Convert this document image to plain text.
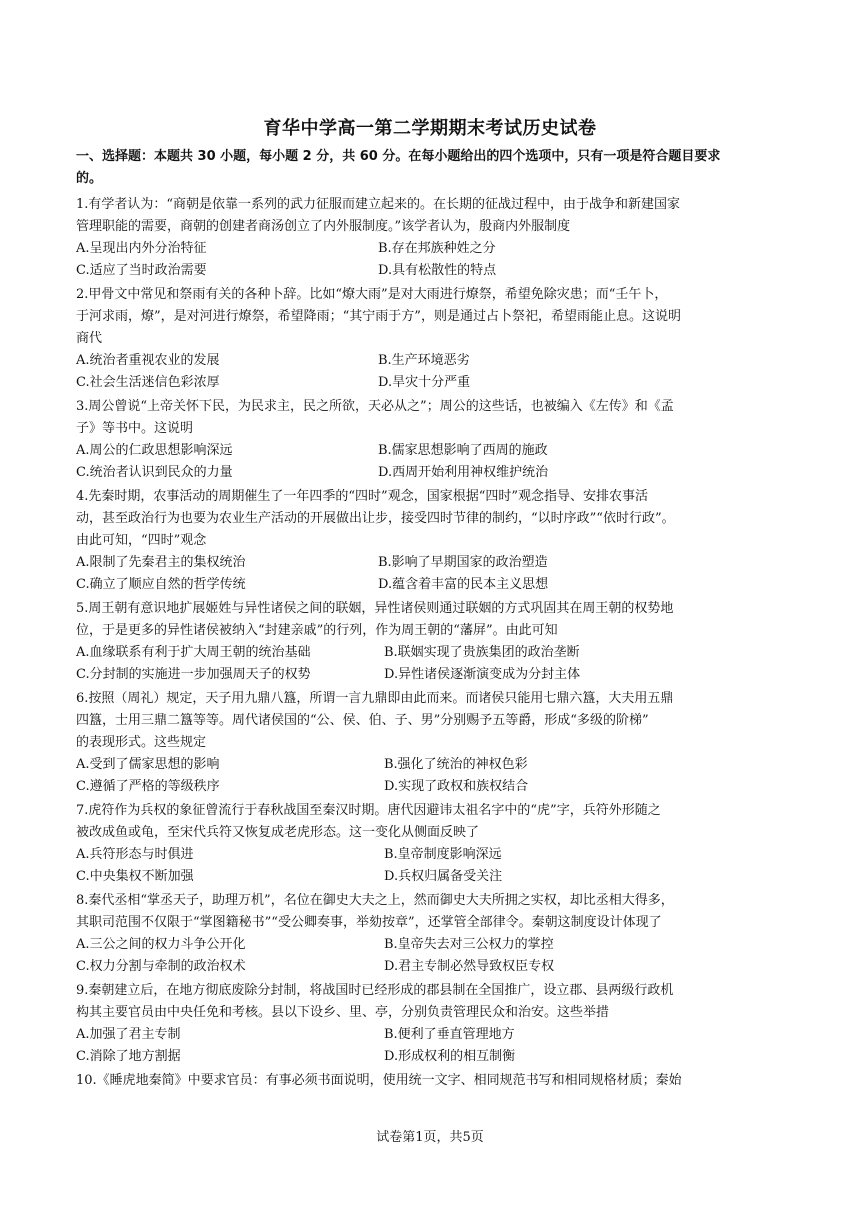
育华中学高一第二学期期末考试历史试卷
一、选择题：本题共 30 小题，每小题 2 分，共 60 分。在每小题给出的四个选项中，只有一项是符合题目要求
的。
1.有学者认为：“商朝是依靠一系列的武力征服而建立起来的。在长期的征战过程中，由于战争和新建国家
管理职能的需要，商朝的创建者商汤创立了内外服制度。”该学者认为，殷商内外服制度
A.呈现出内外分治特征	B.存在邦族种姓之分
C.适应了当时政治需要	D.具有松散性的特点
2.甲骨文中常见和祭雨有关的各种卜辞。比如“燎大雨”是对大雨进行燎祭，希望免除灾患；而“壬午卜，
于河求雨，燎”，是对河进行燎祭，希望降雨；“其宁雨于方”，则是通过占卜祭祀，希望雨能止息。这说明
商代
A.统治者重视农业的发展	B.生产环境恶劣
C.社会生活迷信色彩浓厚	D.旱灾十分严重
3.周公曾说“上帝关怀下民，为民求主，民之所欲，天必从之”；周公的这些话，也被编入《左传》和《孟
子》等书中。这说明
A.周公的仁政思想影响深远	B.儒家思想影响了西周的施政
C.统治者认识到民众的力量	D.西周开始利用神权维护统治
4.先秦时期，农事活动的周期催生了一年四季的“四时”观念，国家根据“四时”观念指导、安排农事活
动，甚至政治行为也要为农业生产活动的开展做出让步，接受四时节律的制约，“以时序政”“依时行政”。
由此可知，“四时”观念
A.限制了先秦君主的集权统治	B.影响了早期国家的政治塑造
C.确立了顺应自然的哲学传统	D.蕴含着丰富的民本主义思想
5.周王朝有意识地扩展姬姓与异性诸侯之间的联姻，异性诸侯则通过联姻的方式巩固其在周王朝的权势地
位，于是更多的异性诸侯被纳入“封建亲戚”的行列，作为周王朝的“藩屏”。由此可知
A.血缘联系有利于扩大周王朝的统治基础	B.联姻实现了贵族集团的政治垄断
C.分封制的实施进一步加强周天子的权势	D.异性诸侯逐渐演变成为分封主体
6.按照（周礼）规定，天子用九鼎八簋，所谓一言九鼎即由此而来。而诸侯只能用七鼎六簋，大夫用五鼎
四簋，士用三鼎二簋等等。周代诸侯国的“公、侯、伯、子、男”分别赐予五等爵，形成“多级的阶梯”
的表现形式。这些规定
A.受到了儒家思想的影响	B.强化了统治的神权色彩
C.遵循了严格的等级秩序	D.实现了政权和族权结合
7.虎符作为兵权的象征曾流行于春秋战国至秦汉时期。唐代因避讳太祖名字中的“虎”字，兵符外形随之
被改成鱼或龟，至宋代兵符又恢复成老虎形态。这一变化从侧面反映了
A.兵符形态与时俱进	B.皇帝制度影响深远
C.中央集权不断加强	D.兵权归属备受关注
8.秦代丞相“掌丞天子，助理万机”，名位在御史大夫之上，然而御史大夫所拥之实权，却比丞相大得多，
其职司范围不仅限于“掌图籍秘书”“受公卿奏事，举劾按章”，还掌管全部律令。秦朝这制度设计体现了
A.三公之间的权力斗争公开化	B.皇帝失去对三公权力的掌控
C.权力分割与牵制的政治权术	D.君主专制必然导致权臣专权
9.秦朝建立后，在地方彻底废除分封制，将战国时已经形成的郡县制在全国推广，设立郡、县两级行政机
构其主要官员由中央任免和考核。县以下设乡、里、亭，分别负责管理民众和治安。这些举措
A.加强了君主专制	B.便利了垂直管理地方
C.消除了地方割据	D.形成权利的相互制衡
10.《睡虎地秦简》中要求官员：有事必须书面说明，使用统一文字、相同规范书写和相同规格材质；秦始
试卷第1页，共5页
